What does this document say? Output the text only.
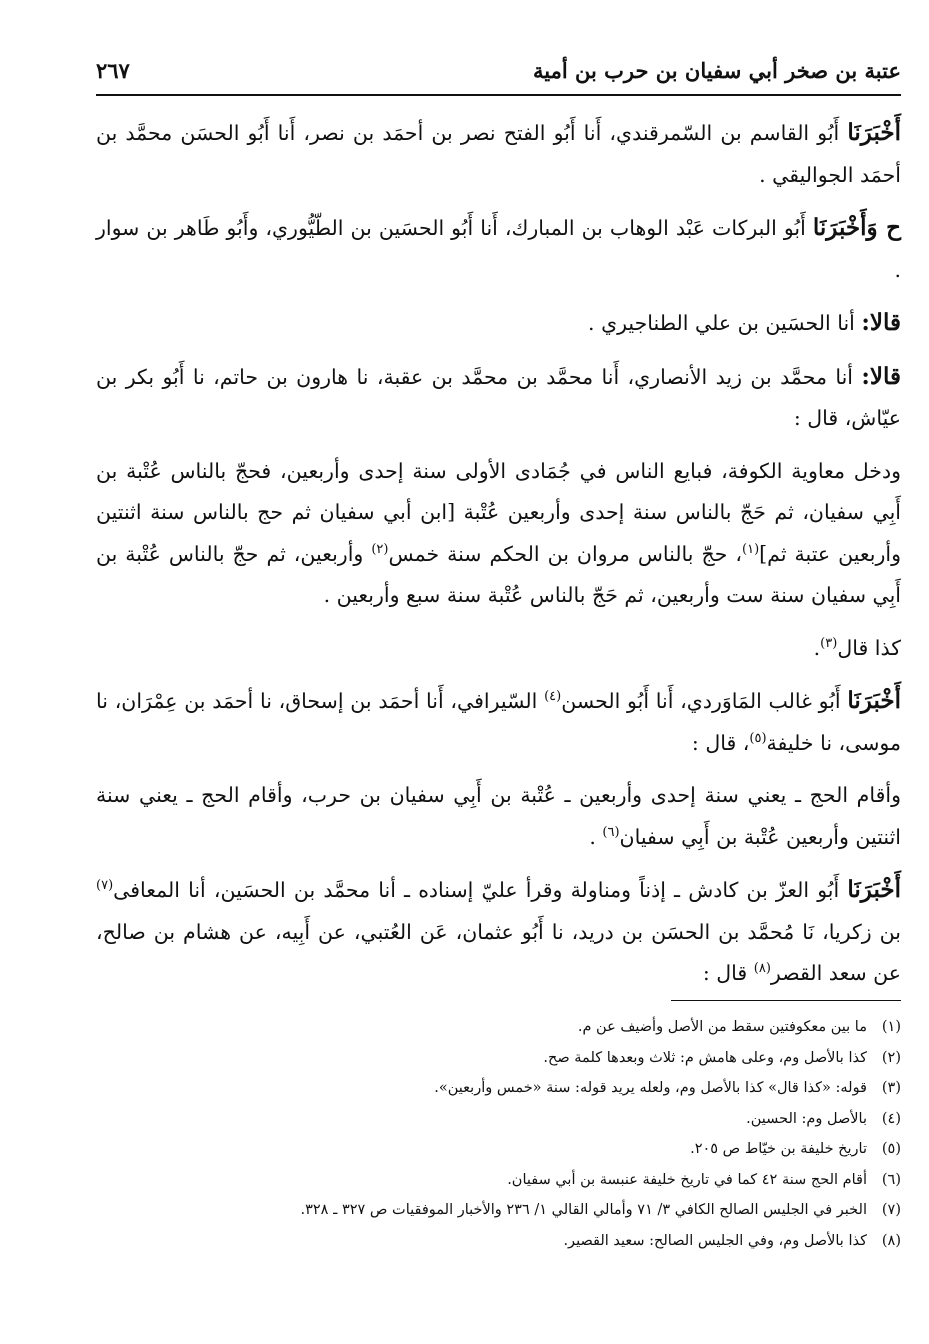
عتبة بن صخر أبي سفيان بن حرب بن أمية
٢٦٧

أَخْبَرَنَا أَبُو القاسم بن السّمرقندي، أَنا أَبُو الفتح نصر بن أحمَد بن نصر، أَنا أَبُو الحسَن محمَّد بن أحمَد الجواليقي .

ح وَأَخْبَرَنَا أَبُو البركات عَبْد الوهاب بن المبارك، أَنا أَبُو الحسَين بن الطّيُّوري، وأَبُو طَاهر بن سوار .

قالا: أنا الحسَين بن علي الطناجيري .

قالا: أنا محمَّد بن زيد الأنصاري، أَنا محمَّد بن محمَّد بن عقبة، نا هارون بن حاتم، نا أَبُو بكر بن عيّاش، قال :

ودخل معاوية الكوفة، فبايع الناس في جُمَادى الأولى سنة إحدى وأربعين، فحجّ بالناس عُتْبة بن أَبِي سفيان، ثم حَجّ بالناس سنة إحدى وأربعين عُتْبة [ابن أبي سفيان ثم حج بالناس سنة اثنتين وأربعين عتبة ثم]$^{(١)}$، حجّ بالناس مروان بن الحكم سنة خمس$^{(٢)}$ وأربعين، ثم حجّ بالناس عُتْبة بن أَبِي سفيان سنة ست وأربعين، ثم حَجّ بالناس عُتْبة سنة سبع وأربعين .

كذا قال$^{(٣)}$.

أَخْبَرَنَا أَبُو غالب المَاوَردي، أَنا أَبُو الحسن$^{(٤)}$ السّيرافي، أَنا أحمَد بن إسحاق، نا أحمَد بن عِمْرَان، نا موسى، نا خليفة$^{(٥)}$، قال :

وأقام الحج ـ يعني سنة إحدى وأربعين ـ عُتْبة بن أَبِي سفيان بن حرب، وأقام الحج ـ يعني سنة اثنتين وأربعين عُتْبة بن أَبِي سفيان$^{(٦)}$ .

أَخْبَرَنَا أَبُو العزّ بن كادش ـ إذناً ومناولة وقرأ عليّ إسناده ـ أنا محمَّد بن الحسَين، أنا المعافى$^{(٧)}$ بن زكريا، نَا مُحمَّد بن الحسَن بن دريد، نا أَبُو عثمان، عَن العُتبي، عن أَبِيه، عن هشام بن صالح، عن سعد القصر$^{(٨)}$ قال :

(١)ما بين معكوفتين سقط من الأصل وأضيف عن م.
(٢)كذا بالأصل وم، وعلى هامش م: ثلاث وبعدها كلمة صح.
(٣)قوله: «كذا قال» كذا بالأصل وم، ولعله يريد قوله: سنة «خمس وأربعين».
(٤)بالأصل وم: الحسين.
(٥)تاريخ خليفة بن خيّاط ص ٢٠٥.
(٦)أقام الحج سنة ٤٢ كما في تاريخ خليفة عنبسة بن أبي سفيان.
(٧)الخبر في الجليس الصالح الكافي ٣/ ٧١ وأمالي القالي ١/ ٢٣٦ والأخبار الموفقيات ص ٣٢٧ ـ ٣٢٨.
(٨)كذا بالأصل وم، وفي الجليس الصالح: سعيد القصير.
